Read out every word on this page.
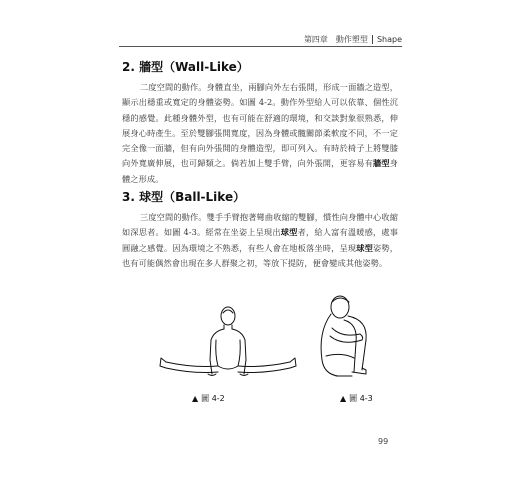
第四章　動作塑型 Shape
2. 牆型（Wall-Like）
二度空間的動作。身體直坐，兩腳向外左右張開，形成一面牆之造型，顯示出穩重或寬定的身體姿勢。如圖 4-2。動作外型給人可以依靠、個性沉穩的感覺。此種身體外型，也有可能在舒適的環境，和交談對象很熟悉，伸展身心時產生。至於雙腳張開寬度，因為身體或髖關節柔軟度不同，不一定完全像一面牆，但有向外張開的身體造型，即可列入。有時於椅子上將雙膝向外寬廣伸展，也可歸類之。倘若加上雙手臂，向外張開，更容易有牆型身體之形成。
3. 球型（Ball-Like）
三度空間的動作。雙手手臂抱著彎曲收縮的雙腳，慣性向身體中心收縮如深思者。如圖 4-3。經常在坐姿上呈現出球型者，給人富有溫暖感，處事圓融之感覺。因為環境之不熟悉，有些人會在地板落坐時，呈現球型姿勢，也有可能偶然會出現在多人群聚之初，等放下提防，便會變成其他姿勢。
▲ 圖 4-2	▲ 圖 4-3
99
